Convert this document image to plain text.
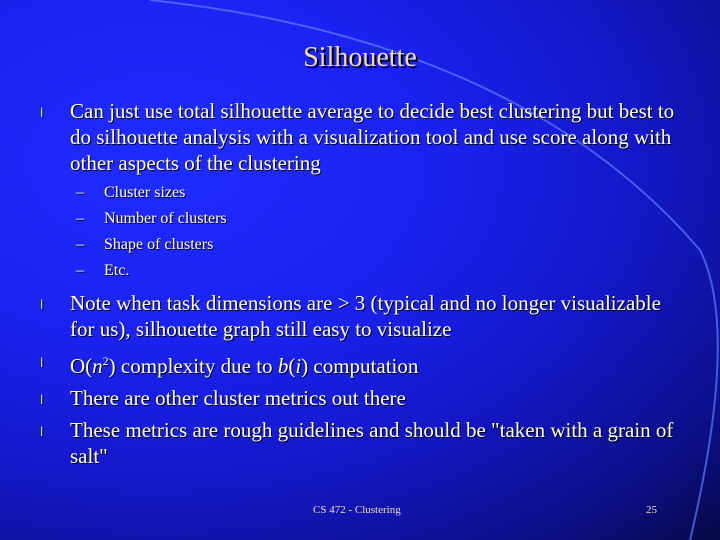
Silhouette
l Can just use total silhouette average to decide best clustering but best to do silhouette analysis with a visualization tool and use score along with other aspects of the clustering
– Cluster sizes
– Number of clusters
– Shape of clusters
– Etc.
l Note when task dimensions are > 3 (typical and no longer visualizable for us), silhouette graph still easy to visualize
l $O(n^2)$ complexity due to b(i) computation
l There are other cluster metrics out there
l These metrics are rough guidelines and should be "taken with a grain of salt"
CS 472 - Clustering	25
